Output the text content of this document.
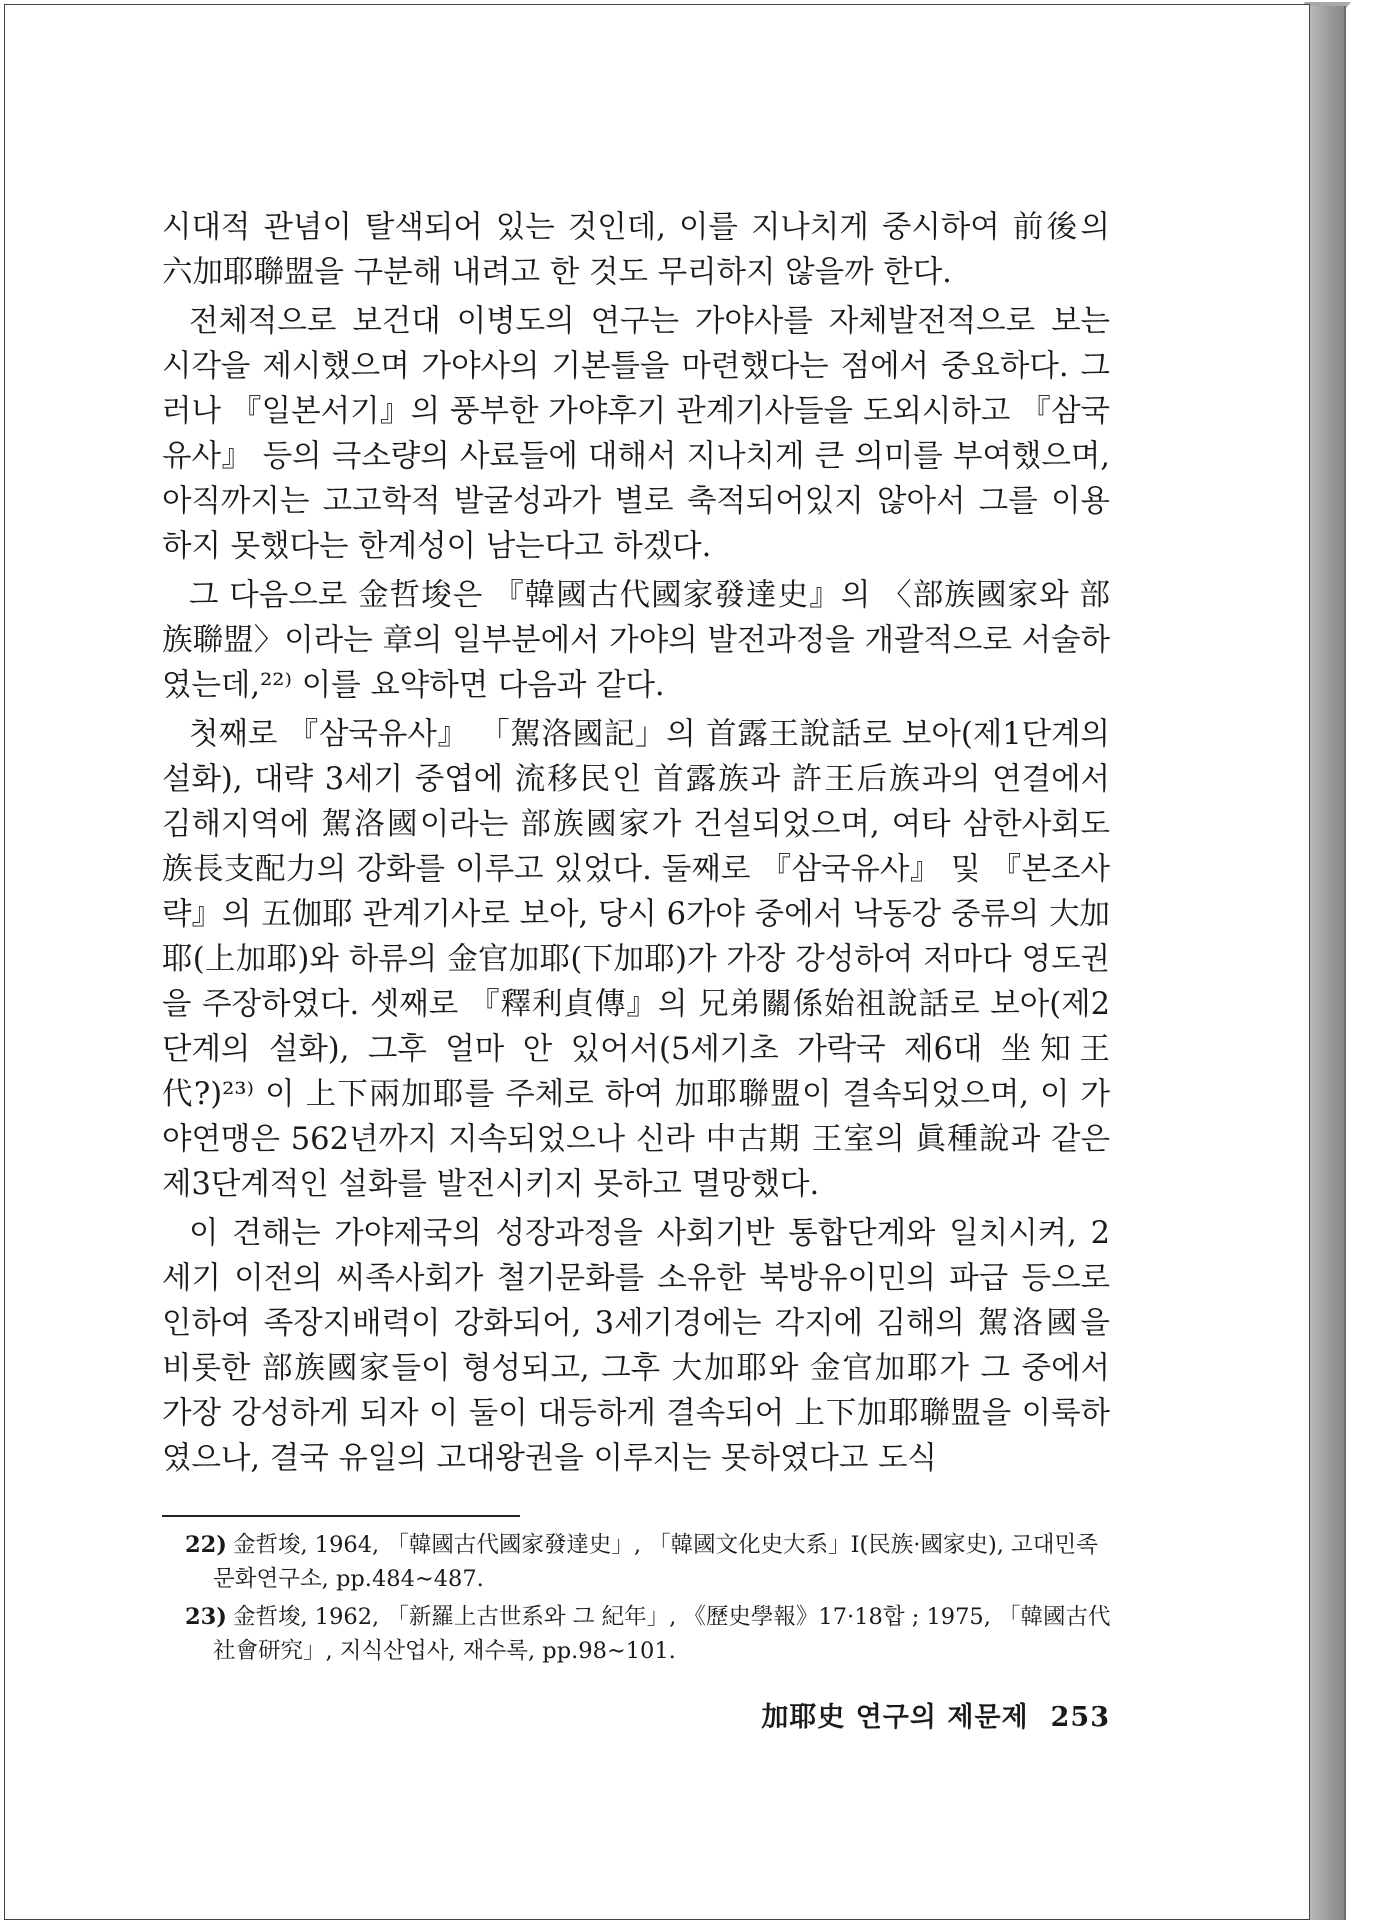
시대적 관념이 탈색되어 있는 것인데, 이를 지나치게 중시하여 前後의 六加耶聯盟을 구분해 내려고 한 것도 무리하지 않을까 한다.

전체적으로 보건대 이병도의 연구는 가야사를 자체발전적으로 보는 시각을 제시했으며 가야사의 기본틀을 마련했다는 점에서 중요하다. 그러나 『일본서기』의 풍부한 가야후기 관계기사들을 도외시하고 『삼국유사』 등의 극소량의 사료들에 대해서 지나치게 큰 의미를 부여했으며, 아직까지는 고고학적 발굴성과가 별로 축적되어있지 않아서 그를 이용하지 못했다는 한계성이 남는다고 하겠다.

그 다음으로 金哲埈은 『韓國古代國家發達史』의 〈部族國家와 部族聯盟〉이라는 章의 일부분에서 가야의 발전과정을 개괄적으로 서술하였는데,²²⁾ 이를 요약하면 다음과 같다.

첫째로 『삼국유사』 「駕洛國記」의 首露王說話로 보아(제1단계의 설화), 대략 3세기 중엽에 流移民인 首露族과 許王后族과의 연결에서 김해지역에 駕洛國이라는 部族國家가 건설되었으며, 여타 삼한사회도 族長支配力의 강화를 이루고 있었다. 둘째로 『삼국유사』 및 『본조사략』의 五伽耶 관계기사로 보아, 당시 6가야 중에서 낙동강 중류의 大加耶(上加耶)와 하류의 金官加耶(下加耶)가 가장 강성하여 저마다 영도권을 주장하였다. 셋째로 『釋利貞傳』의 兄弟關係始祖說話로 보아(제2단계의 설화), 그후 얼마 안 있어서(5세기초 가락국 제6대 坐知王代?)²³⁾ 이 上下兩加耶를 주체로 하여 加耶聯盟이 결속되었으며, 이 가야연맹은 562년까지 지속되었으나 신라 中古期 王室의 眞種說과 같은 제3단계적인 설화를 발전시키지 못하고 멸망했다.

이 견해는 가야제국의 성장과정을 사회기반 통합단계와 일치시켜, 2세기 이전의 씨족사회가 철기문화를 소유한 북방유이민의 파급 등으로 인하여 족장지배력이 강화되어, 3세기경에는 각지에 김해의 駕洛國을 비롯한 部族國家들이 형성되고, 그후 大加耶와 金官加耶가 그 중에서 가장 강성하게 되자 이 둘이 대등하게 결속되어 上下加耶聯盟을 이룩하였으나, 결국 유일의 고대왕권을 이루지는 못하였다고 도식

22) 金哲埈, 1964, 「韓國古代國家發達史」, 「韓國文化史大系」I(民族·國家史), 고대민족문화연구소, pp.484∼487.

23) 金哲埈, 1962, 「新羅上古世系와 그 紀年」, 《歷史學報》17·18합 ; 1975, 「韓國古代社會研究」, 지식산업사, 재수록, pp.98∼101.

加耶史 연구의 제문제 253
